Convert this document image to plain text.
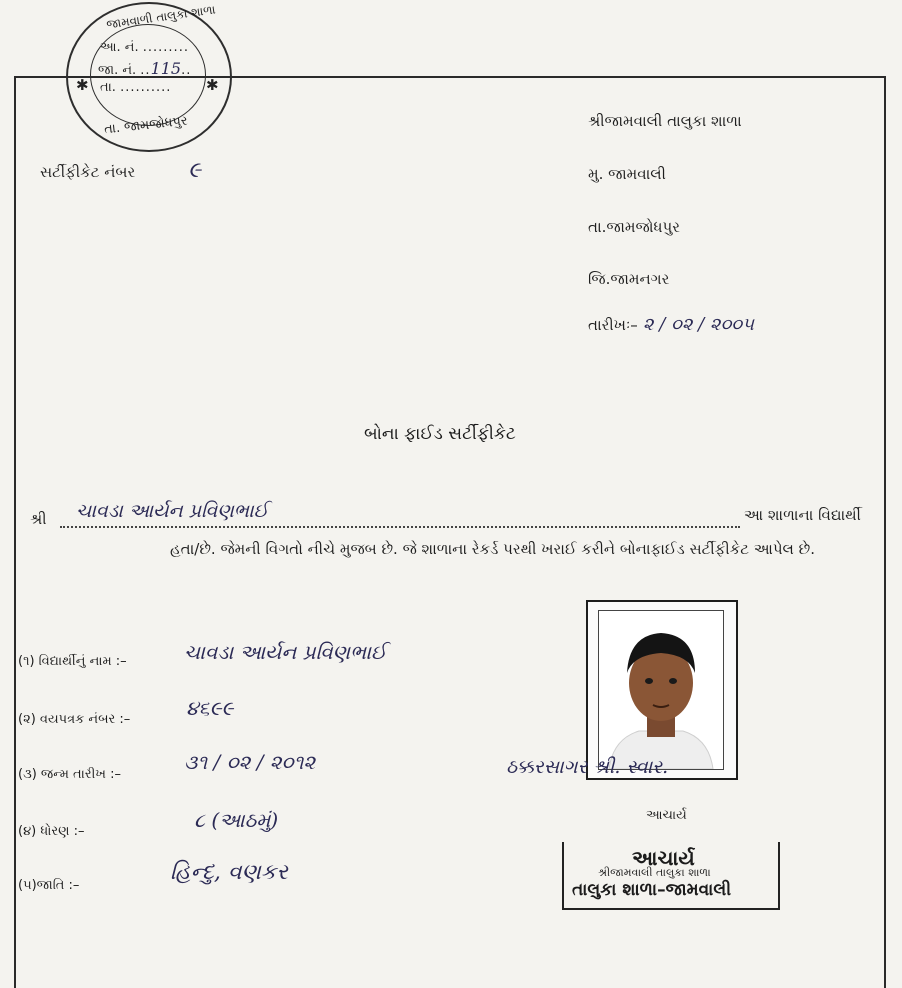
જામવાળી તાલુકા શાળા
આ. નં. .........
જા. નં. ..115..
તા. ..........
✱	✱
તા. જામજોધપુર
સર્ટીફીકેટ નંબર ૯
શ્રીજામવાલી તાલુકા શાળા
મુ. જામવાલી
તા.જામજોધપુર
જિ.જામનગર
તારીખઃ– ૨ / ૦૨ / ૨૦૦૫
બોના ફાઈડ સર્ટીફીકેટ
શ્રી ચાવડા આર્યન પ્રવિણભાઈ	આ શાળાના વિદ્યાર્થી
હતા/છે. જેમની વિગતો નીચે મુજબ છે. જે શાળાના રેકર્ડ પરથી ખરાઈ કરીને બોનાફાઈડ સર્ટીફીકેટ આપેલ છે.
(૧) વિદ્યાર્થીનું નામ :–	ચાવડા આર્યન પ્રવિણભાઈ
(૨) વયપત્રક નંબર :–	૪૬૯૯
(૩) જન્મ તારીખ :–
૩૧ / ૦૨ / ૨૦૧૨
(૪) ધોરણ :–	૮ (આઠમું)
(૫)જાતિ :–
હિન્દુ, વણકર
ઠક્કરસાગર શ્રી. સ્વાર.
આચાર્ય
આચાર્ય
શ્રીજામવાલી તાલુકા શાળા
તાલુકા શાળા–જામવાલી
